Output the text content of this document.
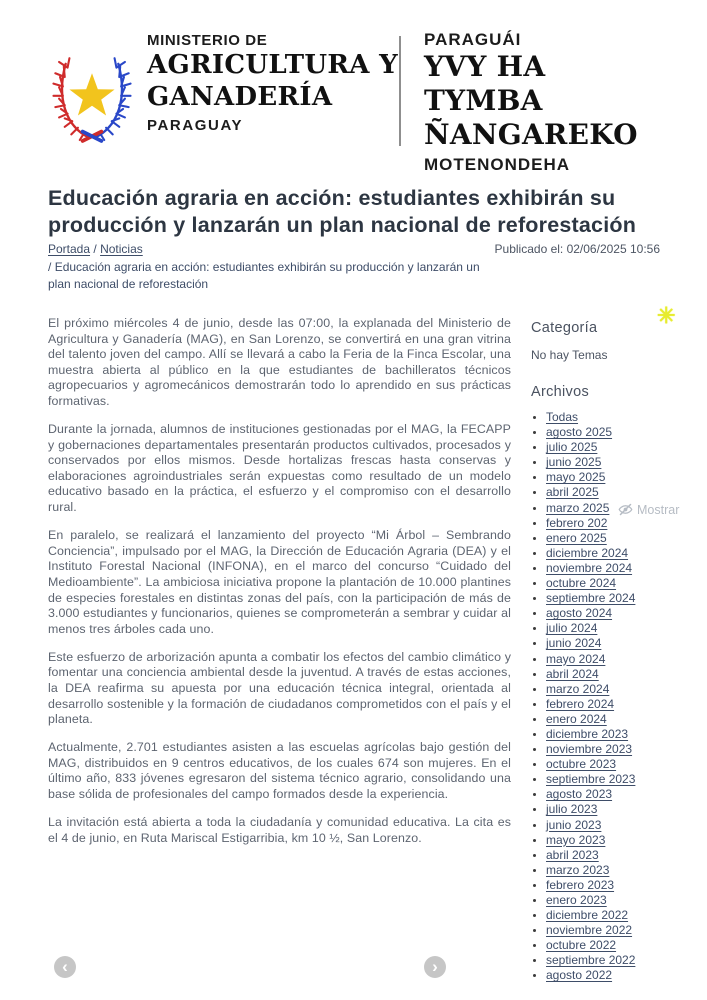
MINISTERIO DE
AGRICULTURA Y
GANADERÍA
PARAGUAY
PARAGUÁI
YVY HA TYMBA
ÑANGAREKO
MOTENONDEHA
Educación agraria en acción: estudiantes exhibirán su producción y lanzarán un plan nacional de reforestación
Portada / Noticias
/ Educación agraria en acción: estudiantes exhibirán su producción y lanzarán un plan nacional de reforestación
Publicado el: 02/06/2025 10:56

El próximo miércoles 4 de junio, desde las 07:00, la explanada del Ministerio de Agricultura y Ganadería (MAG), en San Lorenzo, se convertirá en una gran vitrina del talento joven del campo. Allí se llevará a cabo la Feria de la Finca Escolar, una muestra abierta al público en la que estudiantes de bachilleratos técnicos agropecuarios y agromecánicos demostrarán todo lo aprendido en sus prácticas formativas.

Durante la jornada, alumnos de instituciones gestionadas por el MAG, la FECAPP y gobernaciones departamentales presentarán productos cultivados, procesados y conservados por ellos mismos. Desde hortalizas frescas hasta conservas y elaboraciones agroindustriales serán expuestas como resultado de un modelo educativo basado en la práctica, el esfuerzo y el compromiso con el desarrollo rural.

En paralelo, se realizará el lanzamiento del proyecto “Mi Árbol – Sembrando Conciencia”, impulsado por el MAG, la Dirección de Educación Agraria (DEA) y el Instituto Forestal Nacional (INFONA), en el marco del concurso “Cuidado del Medioambiente”. La ambiciosa iniciativa propone la plantación de 10.000 plantines de especies forestales en distintas zonas del país, con la participación de más de 3.000 estudiantes y funcionarios, quienes se comprometerán a sembrar y cuidar al menos tres árboles cada uno.

Este esfuerzo de arborización apunta a combatir los efectos del cambio climático y fomentar una conciencia ambiental desde la juventud. A través de estas acciones, la DEA reafirma su apuesta por una educación técnica integral, orientada al desarrollo sostenible y la formación de ciudadanos comprometidos con el país y el planeta.

Actualmente, 2.701 estudiantes asisten a las escuelas agrícolas bajo gestión del MAG, distribuidos en 9 centros educativos, de los cuales 674 son mujeres. En el último año, 833 jóvenes egresaron del sistema técnico agrario, consolidando una base sólida de profesionales del campo formados desde la experiencia.

La invitación está abierta a toda la ciudadanía y comunidad educativa. La cita es el 4 de junio, en Ruta Mariscal Estigarribia, km 10 ½, San Lorenzo.

✳
Categoría
No hay Temas
Archivos
• Todas
• agosto 2025
• julio 2025
• junio 2025
• mayo 2025
• abril 2025
• marzo 2025
• febrero 202
• enero 2025
• diciembre 2024
• noviembre 2024
• octubre 2024
• septiembre 2024
• agosto 2024
• julio 2024
• junio 2024
• mayo 2024
• abril 2024
• marzo 2024
• febrero 2024
• enero 2024
• diciembre 2023
• noviembre 2023
• octubre 2023
• septiembre 2023
• agosto 2023
• julio 2023
• junio 2023
• mayo 2023
• abril 2023
• marzo 2023
• febrero 2023
• enero 2023
• diciembre 2022
• noviembre 2022
• octubre 2022
• septiembre 2022
• agosto 2022
Mostrar
‹	›
